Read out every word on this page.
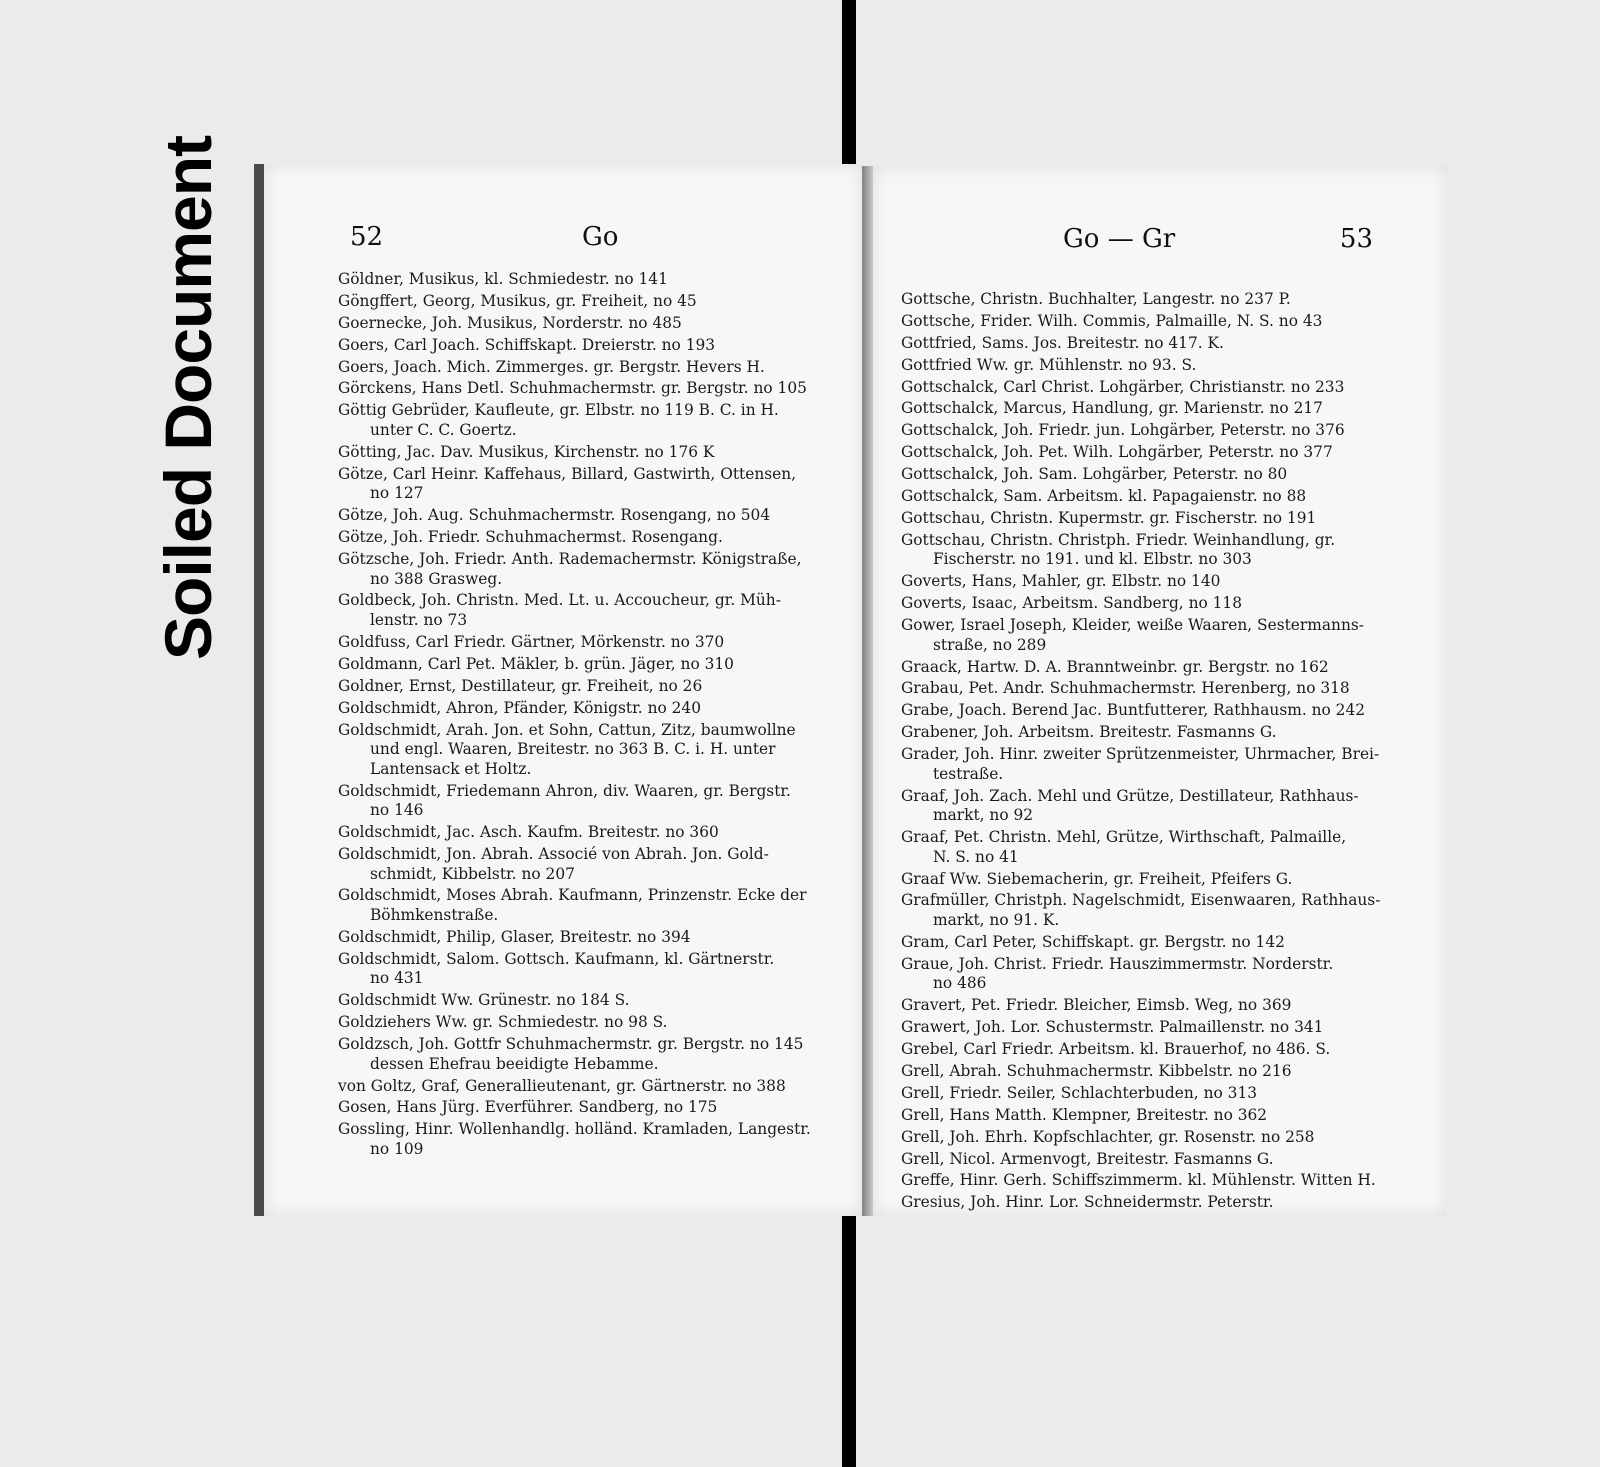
Soiled Document	52	Go
Göldner, Musikus, kl. Schmiedestr. no 141
Göngffert, Georg, Musikus, gr. Freiheit, no 45
Goernecke, Joh. Musikus, Norderstr. no 485
Goers, Carl Joach. Schiffskapt. Dreierstr. no 193
Goers, Joach. Mich. Zimmerges. gr. Bergstr. Hevers H.
Görckens, Hans Detl. Schuhmachermstr. gr. Bergstr. no 105
Göttig Gebrüder, Kaufleute, gr. Elbstr. no 119 B. C. in H.
unter C. C. Goertz.
Götting, Jac. Dav. Musikus, Kirchenstr. no 176 K
Götze, Carl Heinr. Kaffehaus, Billard, Gastwirth, Ottensen,
no 127
Götze, Joh. Aug. Schuhmachermstr. Rosengang, no 504
Götze, Joh. Friedr. Schuhmachermst. Rosengang.
Götzsche, Joh. Friedr. Anth. Rademachermstr. Königstraße,
no 388 Grasweg.
Goldbeck, Joh. Christn. Med. Lt. u. Accoucheur, gr. Müh-
lenstr. no 73
Goldfuss, Carl Friedr. Gärtner, Mörkenstr. no 370
Goldmann, Carl Pet. Mäkler, b. grün. Jäger, no 310
Goldner, Ernst, Destillateur, gr. Freiheit, no 26
Goldschmidt, Ahron, Pfänder, Königstr. no 240
Goldschmidt, Arah. Jon. et Sohn, Cattun, Zitz, baumwollne
und engl. Waaren, Breitestr. no 363 B. C. i. H. unter
Lantensack et Holtz.
Goldschmidt, Friedemann Ahron, div. Waaren, gr. Bergstr.
no 146
Goldschmidt, Jac. Asch. Kaufm. Breitestr. no 360
Goldschmidt, Jon. Abrah. Associé von Abrah. Jon. Gold-
schmidt, Kibbelstr. no 207
Goldschmidt, Moses Abrah. Kaufmann, Prinzenstr. Ecke der
Böhmkenstraße.
Goldschmidt, Philip, Glaser, Breitestr. no 394
Goldschmidt, Salom. Gottsch. Kaufmann, kl. Gärtnerstr.
no 431
Goldschmidt Ww. Grünestr. no 184 S.
Goldziehers Ww. gr. Schmiedestr. no 98 S.
Goldzsch, Joh. Gottfr Schuhmachermstr. gr. Bergstr. no 145
dessen Ehefrau beeidigte Hebamme.
von Goltz, Graf, Generallieutenant, gr. Gärtnerstr. no 388
Gosen, Hans Jürg. Everführer. Sandberg, no 175
Gossling, Hinr. Wollenhandlg. holländ. Kramladen, Langestr.
no 109
Go — Gr	53
Gottsche, Christn. Buchhalter, Langestr. no 237 P.
Gottsche, Frider. Wilh. Commis, Palmaille, N. S. no 43
Gottfried, Sams. Jos. Breitestr. no 417. K.
Gottfried Ww. gr. Mühlenstr. no 93. S.
Gottschalck, Carl Christ. Lohgärber, Christianstr. no 233
Gottschalck, Marcus, Handlung, gr. Marienstr. no 217
Gottschalck, Joh. Friedr. jun. Lohgärber, Peterstr. no 376
Gottschalck, Joh. Pet. Wilh. Lohgärber, Peterstr. no 377
Gottschalck, Joh. Sam. Lohgärber, Peterstr. no 80
Gottschalck, Sam. Arbeitsm. kl. Papagaienstr. no 88
Gottschau, Christn. Kupermstr. gr. Fischerstr. no 191
Gottschau, Christn. Christph. Friedr. Weinhandlung, gr.
Fischerstr. no 191. und kl. Elbstr. no 303
Goverts, Hans, Mahler, gr. Elbstr. no 140
Goverts, Isaac, Arbeitsm. Sandberg, no 118
Gower, Israel Joseph, Kleider, weiße Waaren, Sestermanns-
straße, no 289
Graack, Hartw. D. A. Branntweinbr. gr. Bergstr. no 162
Grabau, Pet. Andr. Schuhmachermstr. Herenberg, no 318
Grabe, Joach. Berend Jac. Buntfutterer, Rathhausm. no 242
Grabener, Joh. Arbeitsm. Breitestr. Fasmanns G.
Grader, Joh. Hinr. zweiter Sprützenmeister, Uhrmacher, Brei-
testraße.
Graaf, Joh. Zach. Mehl und Grütze, Destillateur, Rathhaus-
markt, no 92
Graaf, Pet. Christn. Mehl, Grütze, Wirthschaft, Palmaille,
N. S. no 41
Graaf Ww. Siebemacherin, gr. Freiheit, Pfeifers G.
Grafmüller, Christph. Nagelschmidt, Eisenwaaren, Rathhaus-
markt, no 91. K.
Gram, Carl Peter, Schiffskapt. gr. Bergstr. no 142
Graue, Joh. Christ. Friedr. Hauszimmermstr. Norderstr.
no 486
Gravert, Pet. Friedr. Bleicher, Eimsb. Weg, no 369
Grawert, Joh. Lor. Schustermstr. Palmaillenstr. no 341
Grebel, Carl Friedr. Arbeitsm. kl. Brauerhof, no 486. S.
Grell, Abrah. Schuhmachermstr. Kibbelstr. no 216
Grell, Friedr. Seiler, Schlachterbuden, no 313
Grell, Hans Matth. Klempner, Breitestr. no 362
Grell, Joh. Ehrh. Kopfschlachter, gr. Rosenstr. no 258
Grell, Nicol. Armenvogt, Breitestr. Fasmanns G.
Greffe, Hinr. Gerh. Schiffszimmerm. kl. Mühlenstr. Witten H.
Gresius, Joh. Hinr. Lor. Schneidermstr. Peterstr.
